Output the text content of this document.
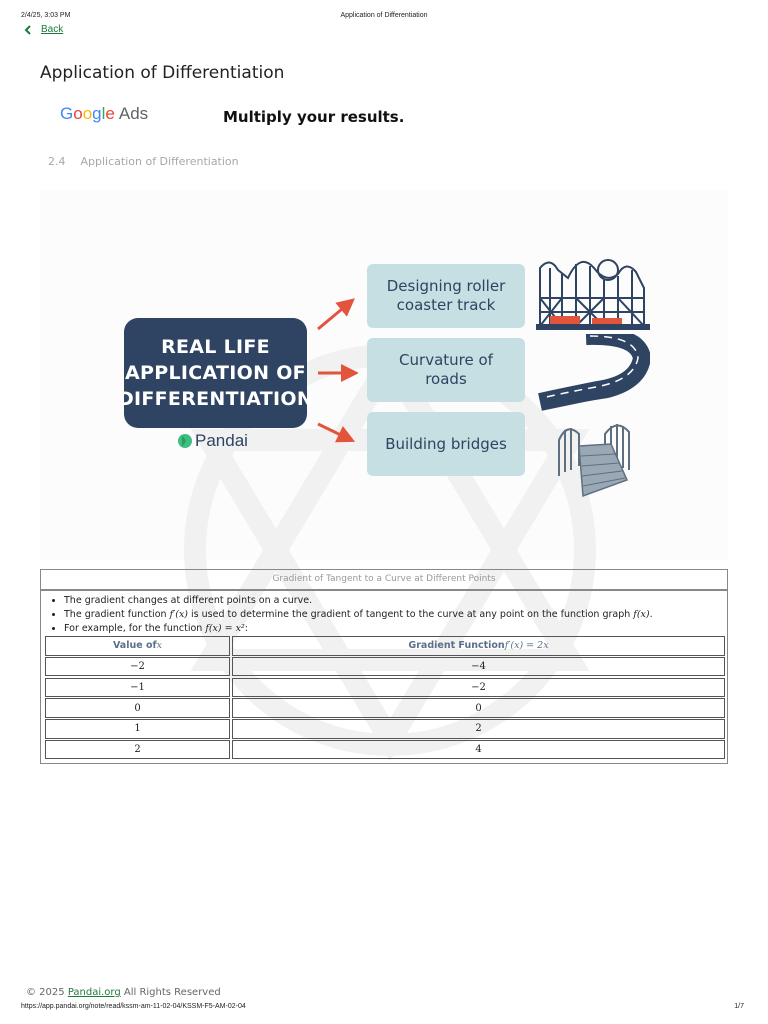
2/4/25, 3:03 PM	Application of Differentiation
Back
Application of Differentiation
Google Ads	Multiply your results.
2.4 Application of Differentiation
REAL LIFE
APPLICATION OF
DIFFERENTIATION
Pandai
Designing roller
coaster track
Curvature of
roads
Building bridges
Gradient of Tangent to a Curve at Different Points
• The gradient changes at different points on a curve.
• The gradient function f′(x) is used to determine the gradient of tangent to the curve at any point on the function graph f(x).
• For example, for the function f(x) = x²:
Value of x	Gradient Function f′(x) = 2x
−2	−4
−1	−2
0	0
1	2
2	4
© 2025 Pandai.org All Rights Reserved
https://app.pandai.org/note/read/kssm-am-11-02-04/KSSM-F5-AM-02-04	1/7
